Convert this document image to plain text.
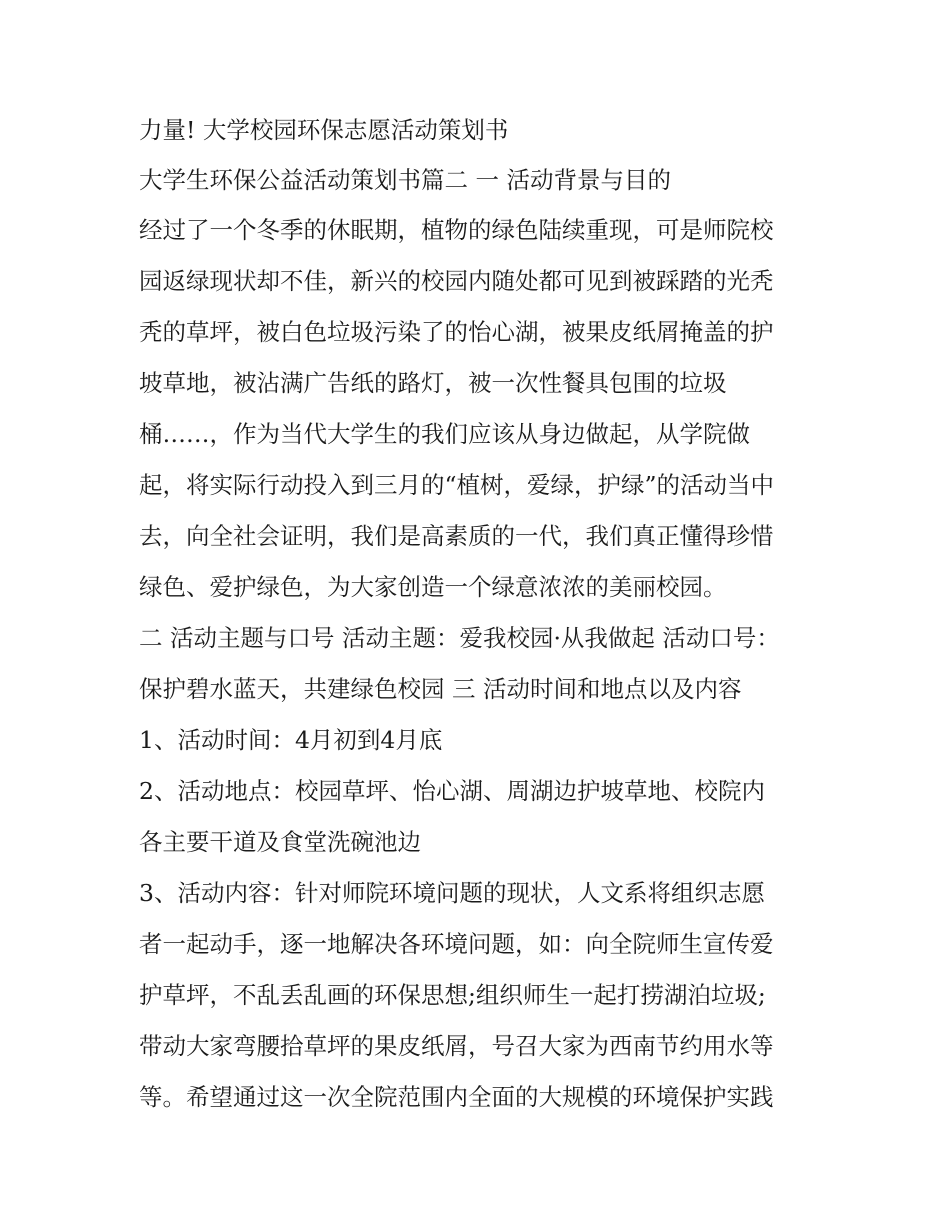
力量! 大学校园环保志愿活动策划书
大学生环保公益活动策划书篇二 一 活动背景与目的
经过了一个冬季的休眠期，植物的绿色陆续重现，可是师院校
园返绿现状却不佳，新兴的校园内随处都可见到被踩踏的光秃
秃的草坪，被白色垃圾污染了的怡心湖，被果皮纸屑掩盖的护
坡草地，被沾满广告纸的路灯，被一次性餐具包围的垃圾
桶……，作为当代大学生的我们应该从身边做起，从学院做
起，将实际行动投入到三月的“植树，爱绿，护绿”的活动当中
去，向全社会证明，我们是高素质的一代，我们真正懂得珍惜
绿色、爱护绿色，为大家创造一个绿意浓浓的美丽校园。
二 活动主题与口号 活动主题：爱我校园·从我做起 活动口号：
保护碧水蓝天，共建绿色校园 三 活动时间和地点以及内容
1、活动时间：4月初到4月底
2、活动地点：校园草坪、怡心湖、周湖边护坡草地、校院内
各主要干道及食堂洗碗池边
3、活动内容：针对师院环境问题的现状，人文系将组织志愿
者一起动手，逐一地解决各环境问题，如：向全院师生宣传爱
护草坪，不乱丢乱画的环保思想;组织师生一起打捞湖泊垃圾;
带动大家弯腰拾草坪的果皮纸屑，号召大家为西南节约用水等
等。希望通过这一次全院范围内全面的大规模的环境保护实践
